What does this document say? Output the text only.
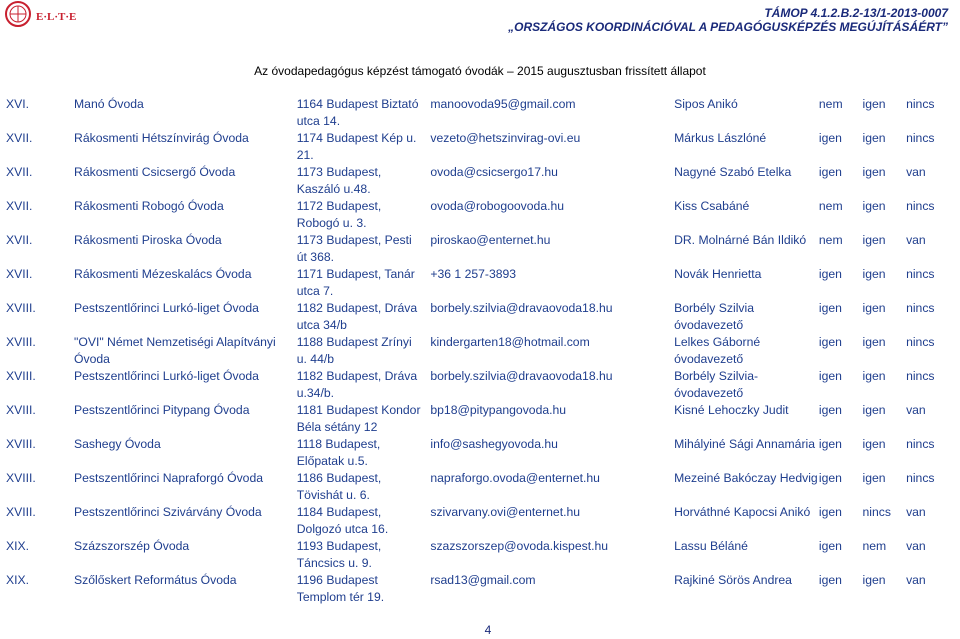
E·L·T·E	TÁMOP 4.1.2.B.2-13/1-2013-0007
„ORSZÁGOS KOORDINÁCIÓVAL A PEDAGÓGUSKÉPZÉS MEGÚJÍTÁSÁÉRT”
Az óvodapedagógus képzést támogató óvodák – 2015 augusztusban frissített állapot
XVI.	Manó Óvoda	1164 Budapest Biztató utca 14.	manoovoda95@gmail.com	Sipos Anikó	nem	igen	nincs
XVII.	Rákosmenti Hétszínvirág Óvoda	1174 Budapest Kép u. 21.	vezeto@hetszinvirag-ovi.eu	Márkus Lászlóné	igen	igen	nincs
XVII.	Rákosmenti Csicsergő Óvoda	1173 Budapest, Kaszáló u.48.	ovoda@csicsergo17.hu	Nagyné Szabó Etelka	igen	igen	van
XVII.	Rákosmenti Robogó Óvoda	1172 Budapest, Robogó u. 3.	ovoda@robogoovoda.hu	Kiss Csabáné	nem	igen	nincs
XVII.	Rákosmenti Piroska Óvoda	1173 Budapest, Pesti út 368.	piroskao@enternet.hu	DR. Molnárné Bán Ildikó	nem	igen	van
XVII.	Rákosmenti Mézeskalács Óvoda	1171 Budapest, Tanár utca 7.	+36 1 257-3893	Novák Henrietta	igen	igen	nincs
XVIII.	Pestszentlőrinci Lurkó-liget Óvoda	1182 Budapest, Dráva utca 34/b	borbely.szilvia@dravaovoda18.hu	Borbély Szilvia óvodavezető	igen	igen	nincs
XVIII.	"OVI" Német Nemzetiségi Alapítványi Óvoda	1188 Budapest Zrínyi u. 44/b	kindergarten18@hotmail.com	Lelkes Gáborné óvodavezető	igen	igen	nincs
XVIII.	Pestszentlőrinci Lurkó-liget Óvoda	1182 Budapest, Dráva u.34/b.	borbely.szilvia@dravaovoda18.hu	Borbély Szilvia-óvodavezető	igen	igen	nincs
XVIII.	Pestszentlőrinci Pitypang Óvoda	1181 Budapest Kondor Béla sétány 12	bp18@pitypangovoda.hu	Kisné Lehoczky Judit	igen	igen	van
XVIII.	Sashegy Óvoda	1118 Budapest, Előpatak u.5.	info@sashegyovoda.hu	Mihályiné Sági Annamária	igen	igen	nincs
XVIII.	Pestszentlőrinci Napraforgó Óvoda	1186 Budapest, Tövishát u. 6.	napraforgo.ovoda@enternet.hu	Mezeiné Bakóczay Hedvig	igen	igen	nincs
XVIII.	Pestszentlőrinci Szivárvány Óvoda	1184 Budapest, Dolgozó utca 16.	szivarvany.ovi@enternet.hu	Horváthné Kapocsi Anikó	igen	nincs	van
XIX.	Százszorszép Óvoda	1193 Budapest, Táncsics u. 9.	szazszorszep@ovoda.kispest.hu	Lassu Béláné	igen	nem	van
XIX.	Szőlőskert Református Óvoda	1196 Budapest Templom tér 19.	rsad13@gmail.com	Rajkiné Sörös Andrea	igen	igen	van
4
